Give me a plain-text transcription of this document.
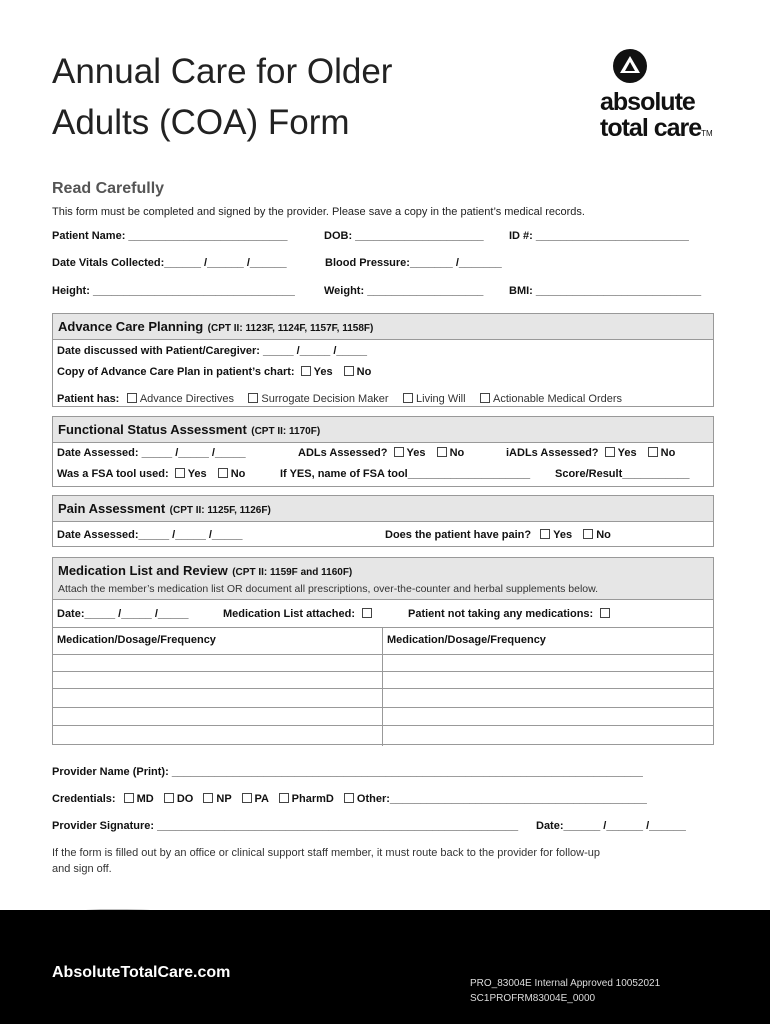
Annual Care for Older
Adults (COA) Form
absolute
total careTM
Read Carefully
This form must be completed and signed by the provider. Please save a copy in the patient’s medical records.
Patient Name: __________________________	DOB: _____________________ ID #: _________________________
Date Vitals Collected:______ /______ /______	Blood Pressure:_______ /_______
Height: _________________________________	Weight: ___________________ BMI: ___________________________
Advance Care Planning (CPT II: 1123F, 1124F, 1157F, 1158F)
Date discussed with Patient/Caregiver: _____ /_____ /_____
Copy of Advance Care Plan in patient’s chart: Yes No
Patient has: Advance Directives Surrogate Decision Maker Living Will Actionable Medical Orders
Functional Status Assessment (CPT II: 1170F)
Date Assessed: _____ /_____ /_____	ADLs Assessed? Yes No	iADLs Assessed? Yes No
Was a FSA tool used: Yes No	If YES, name of FSA tool____________________ Score/Result___________
Pain Assessment (CPT II: 1125F, 1126F)
Date Assessed:_____ /_____ /_____	Does the patient have pain? Yes No
Medication List and Review (CPT II: 1159F and 1160F)
Attach the member’s medication list OR document all prescriptions, over-the-counter and herbal supplements below.
Date:_____ /_____ /_____	Medication List attached:	Patient not taking any medications:
Medication/Dosage/Frequency	Medication/Dosage/Frequency
Provider Name (Print): _____________________________________________________________________________
Credentials: MD DO NP PA PharmD Other:__________________________________________
Provider Signature: ___________________________________________________________ Date:______ /______ /______
If the form is filled out by an office or clinical support staff member, it must route back to the provider for follow-up
and sign off.
AbsoluteTotalCare.com
PRO_83004E Internal Approved 10052021
SC1PROFRM83004E_0000
